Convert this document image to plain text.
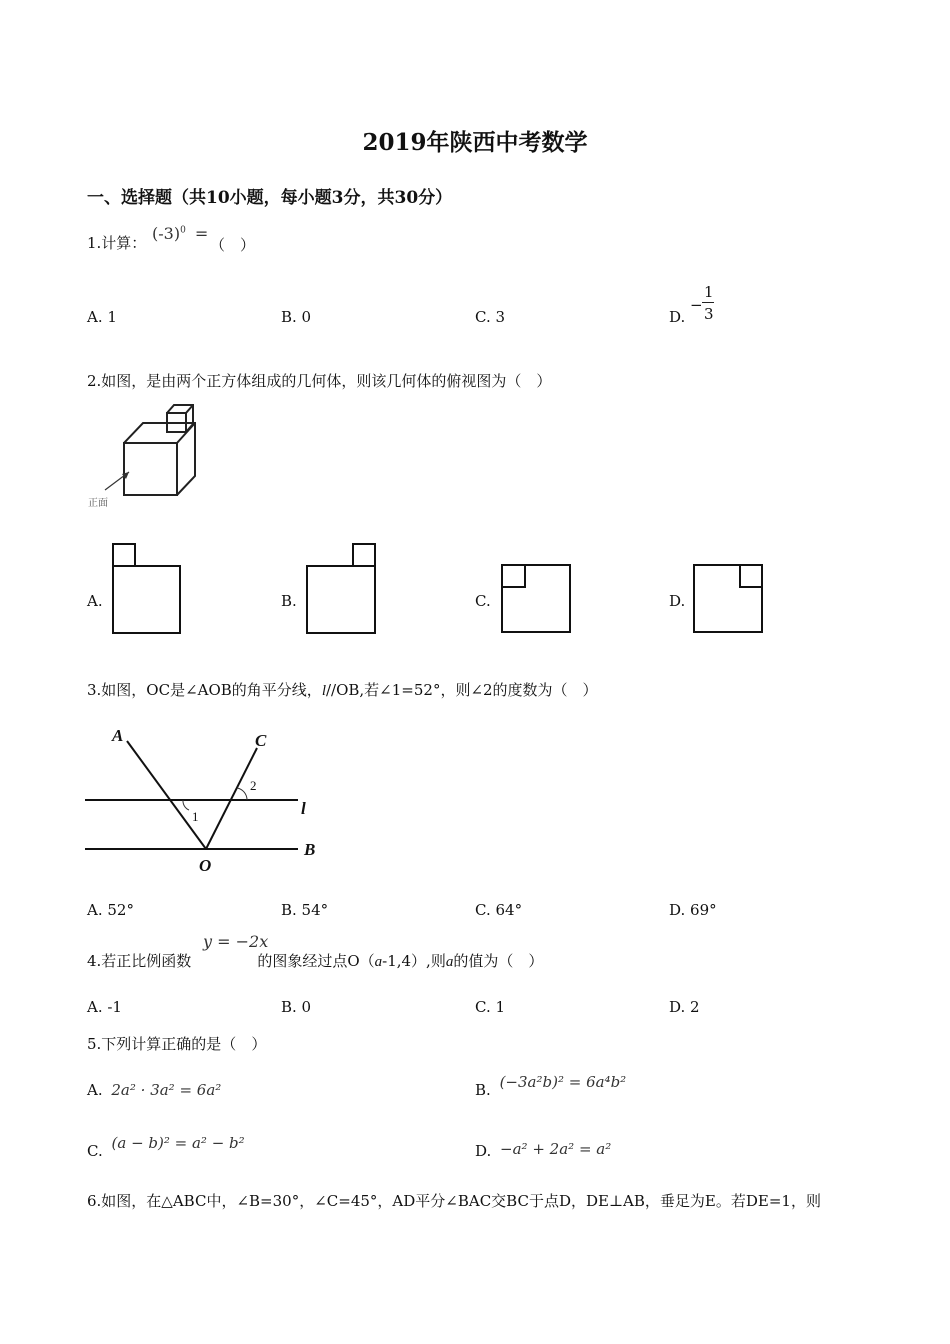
2019年陕西中考数学
一、选择题（共10小题，每小题3分，共30分）
1.计算： $(-3)^0$ =
（　）
A. 1	B. 0	C. 3	D.
−
1
3
2.如图，是由两个正方体组成的几何体，则该几何体的俯视图为（　）
正面
A.	B.	C.	D.
3.如图，OC是∠AOB的角平分线，l//OB,若∠1=52°，则∠2的度数为（　）
A	C
O
B
l
1
2
A. 52°	B. 54°	C. 64°	D. 69°
y = −2x
4.若正比例函数	的图象经过点O（a-1,4）,则a的值为（　）
A. -1	B. 0	C. 1	D. 2
5.下列计算正确的是（　）
A. 2a² · 3a² = 6a²	B. (−3a²b)² = 6a⁴b²
C. (a − b)² = a² − b²	D. −a² + 2a² = a²
6.如图，在△ABC中，∠B=30°，∠C=45°，AD平分∠BAC交BC于点D，DE⊥AB，垂足为E。若DE=1，则
